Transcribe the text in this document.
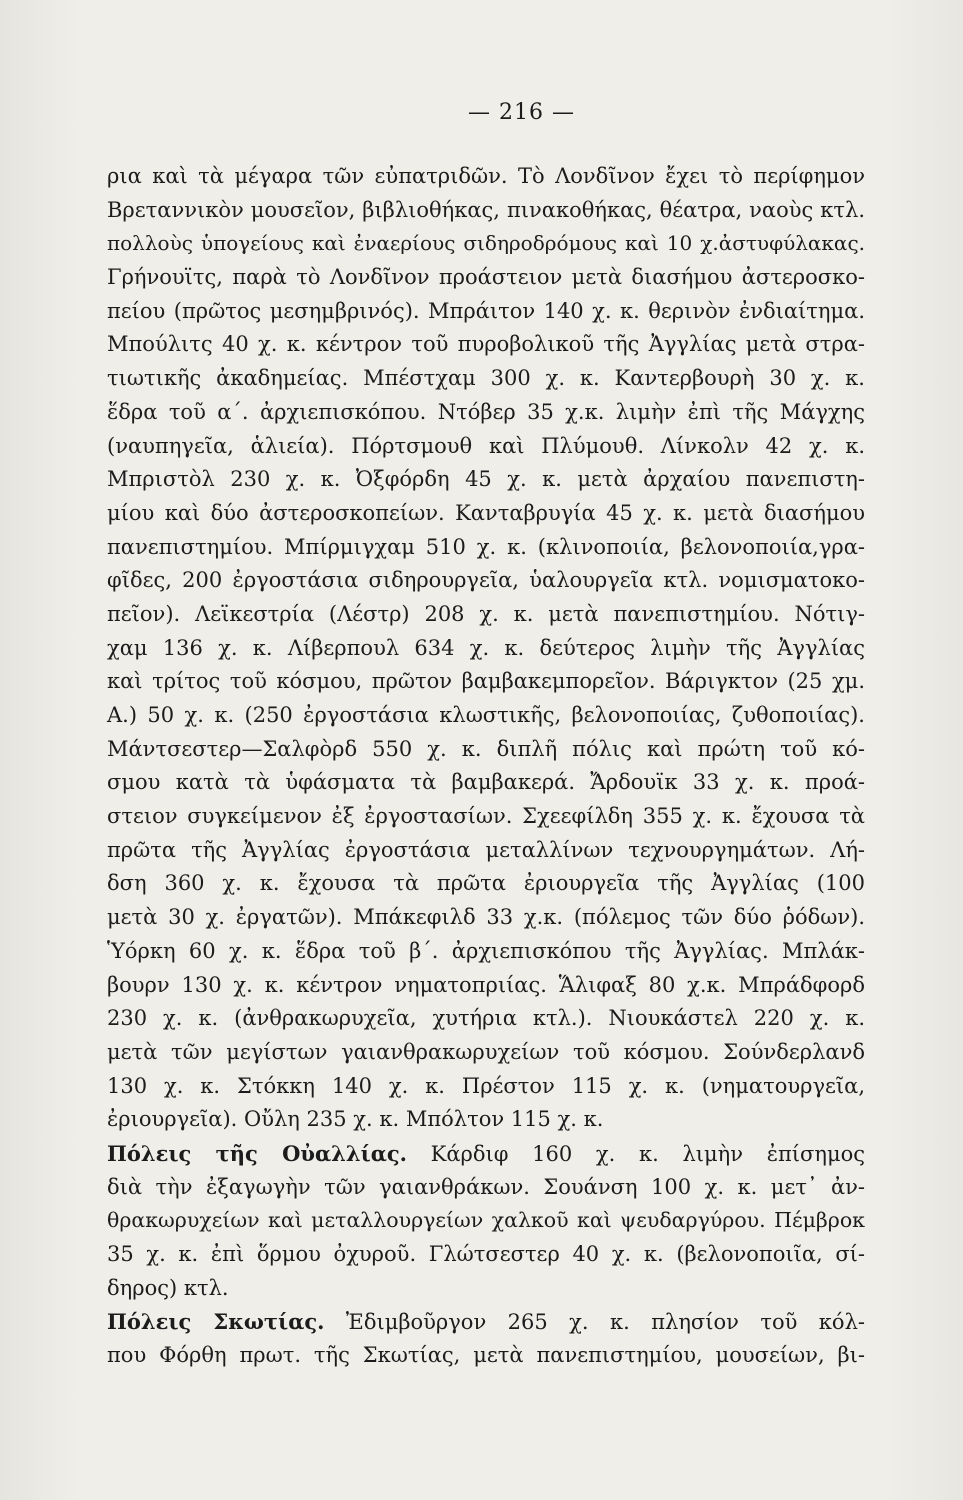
— 216 —
ρια καὶ τὰ μέγαρα τῶν εὐπατριδῶν. Τὸ Λονδῖνον ἔχει τὸ περίφημον
Βρεταννικὸν μουσεῖον, βιβλιοθήκας, πινακοθήκας, θέατρα, ναοὺς κτλ.
πολλοὺς ὑπογείους καὶ ἐναερίους σιδηροδρόμους καὶ 10 χ.ἀστυφύλακας.
Γρήνουϊτς, παρὰ τὸ Λονδῖνον προάστειον μετὰ διασήμου ἀστεροσκο-
πείου (πρῶτος μεσημβρινός). Μπράιτον 140 χ. κ. θερινὸν ἐνδιαίτημα.
Μπούλιτς 40 χ. κ. κέντρον τοῦ πυροβολικοῦ τῆς Ἀγγλίας μετὰ στρα-
τιωτικῆς ἀκαδημείας. Μπέστχαμ 300 χ. κ. Καντερβουρὴ 30 χ. κ.
ἕδρα τοῦ α΄. ἀρχιεπισκόπου. Ντόβερ 35 χ.κ. λιμὴν ἐπὶ τῆς Μάγχης
(ναυπηγεῖα, ἁλιεία). Πόρτσμουθ καὶ Πλύμουθ. Λίνκολν 42 χ. κ.
Μπριστὸλ 230 χ. κ. Ὀξφόρδη 45 χ. κ. μετὰ ἀρχαίου πανεπιστη-
μίου καὶ δύο ἀστεροσκοπείων. Κανταβρυγία 45 χ. κ. μετὰ διασήμου
πανεπιστημίου. Μπίρμιγχαμ 510 χ. κ. (κλινοποιία, βελονοποιία,γρα-
φῖδες, 200 ἐργοστάσια σιδηρουργεῖα, ὑαλουργεῖα κτλ. νομισματοκο-
πεῖον). Λεϊκεστρία (Λέστρ) 208 χ. κ. μετὰ πανεπιστημίου. Νότιγ-
χαμ 136 χ. κ. Λίβερπουλ 634 χ. κ. δεύτερος λιμὴν τῆς Ἀγγλίας
καὶ τρίτος τοῦ κόσμου, πρῶτον βαμβακεμπορεῖον. Βάριγκτον (25 χμ.
Α.) 50 χ. κ. (250 ἐργοστάσια κλωστικῆς, βελονοποιίας, ζυθοποιίας).
Μάντσεστερ—Σαλφὸρδ 550 χ. κ. διπλῆ πόλις καὶ πρώτη τοῦ κό-
σμου κατὰ τὰ ὑφάσματα τὰ βαμβακερά. Ἄρδουϊκ 33 χ. κ. προά-
στειον συγκείμενον ἐξ ἐργοστασίων. Σχεεφίλδη 355 χ. κ. ἔχουσα τὰ
πρῶτα τῆς Ἀγγλίας ἐργοστάσια μεταλλίνων τεχνουργημάτων. Λή-
δση 360 χ. κ. ἔχουσα τὰ πρῶτα ἐριουργεῖα τῆς Ἀγγλίας (100
μετὰ 30 χ. ἐργατῶν). Μπάκεφιλδ 33 χ.κ. (πόλεμος τῶν δύο ῥόδων).
Ὑόρκη 60 χ. κ. ἕδρα τοῦ β΄. ἀρχιεπισκόπου τῆς Ἀγγλίας. Μπλάκ-
βουρν 130 χ. κ. κέντρον νηματοπριίας. Ἅλιφαξ 80 χ.κ. Μπράδφορδ
230 χ. κ. (ἀνθρακωρυχεῖα, χυτήρια κτλ.). Νιουκάστελ 220 χ. κ.
μετὰ τῶν μεγίστων γαιανθρακωρυχείων τοῦ κόσμου. Σούνδερλανδ
130 χ. κ. Στόκκη 140 χ. κ. Πρέστον 115 χ. κ. (νηματουργεῖα,
ἐριουργεῖα). Οὔλη 235 χ. κ. Μπόλτον 115 χ. κ.
Πόλεις τῆς Οὐαλλίας. Κάρδιφ 160 χ. κ. λιμὴν ἐπίσημος
διὰ τὴν ἐξαγωγὴν τῶν γαιανθράκων. Σουάνση 100 χ. κ. μετ᾽ ἀν-
θρακωρυχείων καὶ μεταλλουργείων χαλκοῦ καὶ ψευδαργύρου. Πέμβροκ
35 χ. κ. ἐπὶ ὅρμου ὀχυροῦ. Γλώτσεστερ 40 χ. κ. (βελονοποιῖα, σί-
δηρος) κτλ.
Πόλεις Σκωτίας. Ἐδιμβοῦργον 265 χ. κ. πλησίον τοῦ κόλ-
που Φόρθη πρωτ. τῆς Σκωτίας, μετὰ πανεπιστημίου, μουσείων, βι-
